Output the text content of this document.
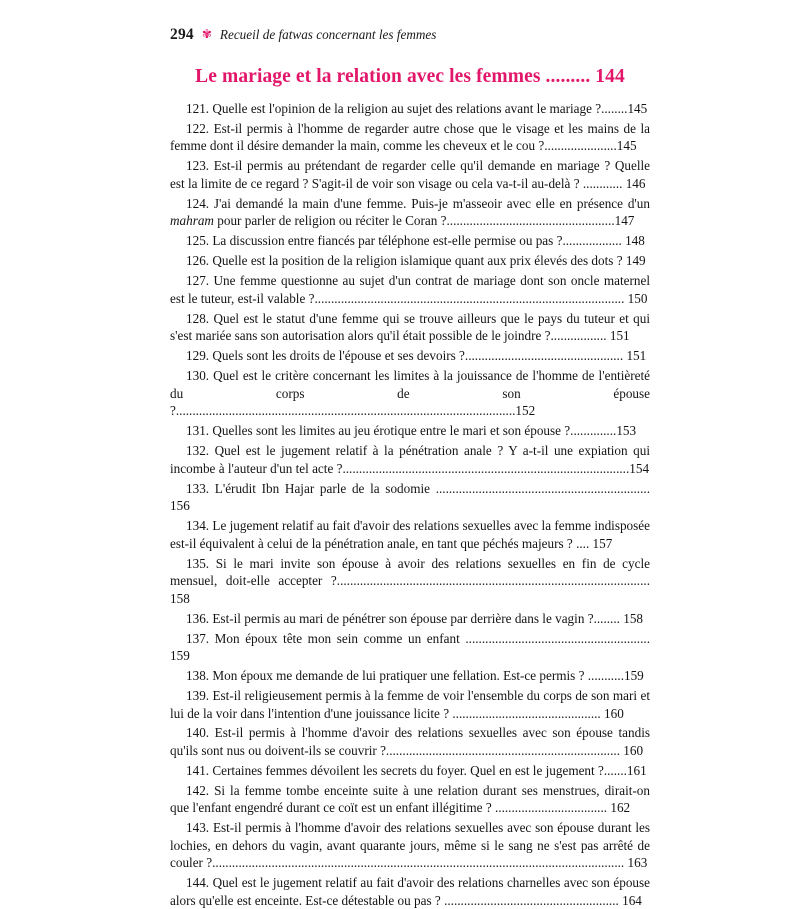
294 ✾ Recueil de fatwas concernant les femmes
Le mariage et la relation avec les femmes ......... 144
121. Quelle est l'opinion de la religion au sujet des relations avant le mariage ?........145
122. Est-il permis à l'homme de regarder autre chose que le visage et les mains de la femme dont il désire demander la main, comme les cheveux et le cou ?......................145
123. Est-il permis au prétendant de regarder celle qu'il demande en mariage ? Quelle est la limite de ce regard ? S'agit-il de voir son visage ou cela va-t-il au-delà ? ............ 146
124. J'ai demandé la main d'une femme. Puis-je m'asseoir avec elle en présence d'un mahram pour parler de religion ou réciter le Coran ?...................................................147
125. La discussion entre fiancés par téléphone est-elle permise ou pas ?.................. 148
126. Quelle est la position de la religion islamique quant aux prix élevés des dots ? 149
127. Une femme questionne au sujet d'un contrat de mariage dont son oncle maternel est le tuteur, est-il valable ?.............................................................................................. 150
128. Quel est le statut d'une femme qui se trouve ailleurs que le pays du tuteur et qui s'est mariée sans son autorisation alors qu'il était possible de le joindre ?................. 151
129. Quels sont les droits de l'épouse et ses devoirs ?................................................ 151
130. Quel est le critère concernant les limites à la jouissance de l'homme de l'entièreté du corps de son épouse ?.......................................................................................................152
131. Quelles sont les limites au jeu érotique entre le mari et son épouse ?..............153
132. Quel est le jugement relatif à la pénétration anale ? Y a-t-il une expiation qui incombe à l'auteur d'un tel acte ?.......................................................................................154
133. L'érudit Ibn Hajar parle de la sodomie ................................................................. 156
134. Le jugement relatif au fait d'avoir des relations sexuelles avec la femme indisposée est-il équivalent à celui de la pénétration anale, en tant que péchés majeurs ? .... 157
135. Si le mari invite son épouse à avoir des relations sexuelles en fin de cycle mensuel, doit-elle accepter ?............................................................................................... 158
136. Est-il permis au mari de pénétrer son épouse par derrière dans le vagin ?........ 158
137. Mon époux tête mon sein comme un enfant ........................................................ 159
138. Mon époux me demande de lui pratiquer une fellation. Est-ce permis ? ...........159
139. Est-il religieusement permis à la femme de voir l'ensemble du corps de son mari et lui de la voir dans l'intention d'une jouissance licite ? ............................................. 160
140. Est-il permis à l'homme d'avoir des relations sexuelles avec son épouse tandis qu'ils sont nus ou doivent-ils se couvrir ?....................................................................... 160
141. Certaines femmes dévoilent les secrets du foyer. Quel en est le jugement ?.......161
142. Si la femme tombe enceinte suite à une relation durant ses menstrues, dirait-on que l'enfant engendré durant ce coït est un enfant illégitime ? .................................. 162
143. Est-il permis à l'homme d'avoir des relations sexuelles avec son épouse durant les lochies, en dehors du vagin, avant quarante jours, même si le sang ne s'est pas arrêté de couler ?............................................................................................................................. 163
144. Quel est le jugement relatif au fait d'avoir des relations charnelles avec son épouse alors qu'elle est enceinte. Est-ce détestable ou pas ? ..................................................... 164
